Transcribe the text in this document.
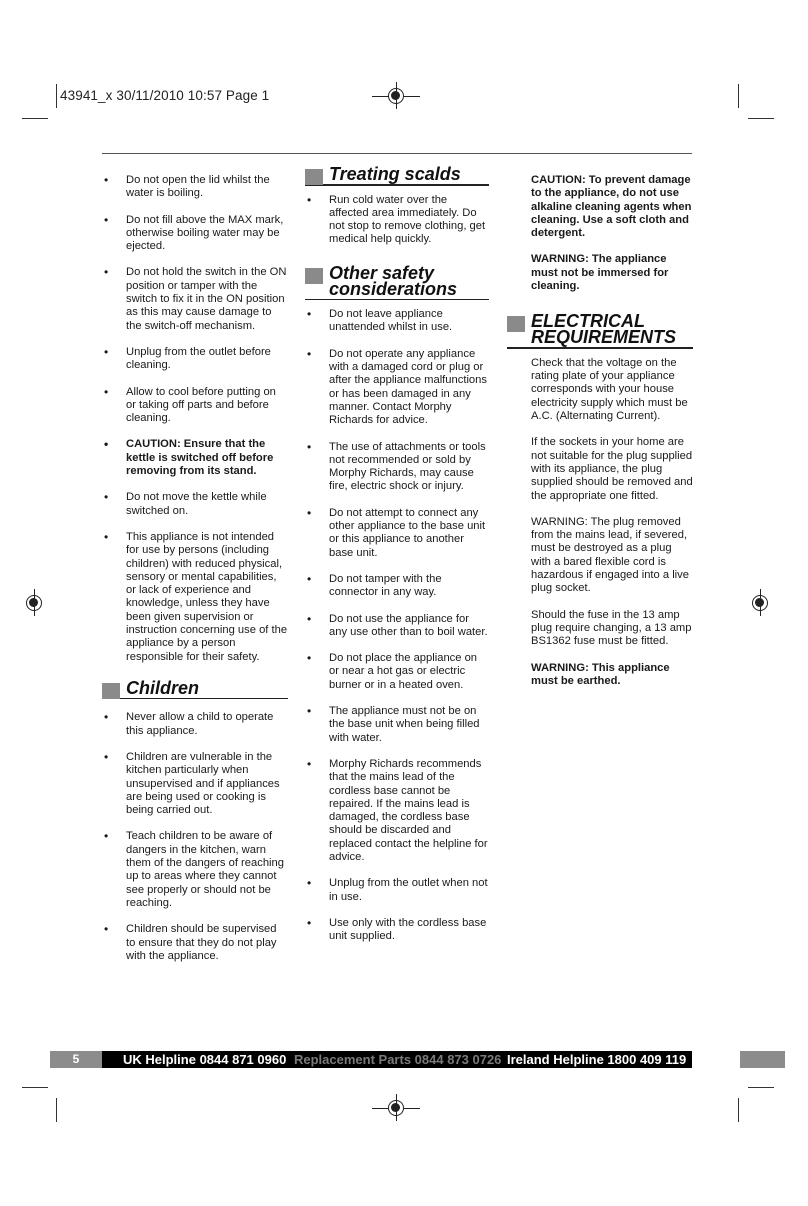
43941_x 30/11/2010 10:57 Page 1
• Do not open the lid whilst the water is boiling.
• Do not fill above the MAX mark, otherwise boiling water may be ejected.
• Do not hold the switch in the ON position or tamper with the switch to fix it in the ON position as this may cause damage to the switch-off mechanism.
• Unplug from the outlet before cleaning.
• Allow to cool before putting on or taking off parts and before cleaning.
• CAUTION: Ensure that the kettle is switched off before removing from its stand.
• Do not move the kettle while switched on.
• This appliance is not intended for use by persons (including children) with reduced physical, sensory or mental capabilities, or lack of experience and knowledge, unless they have been given supervision or instruction concerning use of the appliance by a person responsible for their safety.
Children
• Never allow a child to operate this appliance.
• Children are vulnerable in the kitchen particularly when unsupervised and if appliances are being used or cooking is being carried out.
• Teach children to be aware of dangers in the kitchen, warn them of the dangers of reaching up to areas where they cannot see properly or should not be reaching.
• Children should be supervised to ensure that they do not play with the appliance.
Treating scalds
• Run cold water over the affected area immediately. Do not stop to remove clothing, get medical help quickly.
Other safety
considerations
• Do not leave appliance unattended whilst in use.
• Do not operate any appliance with a damaged cord or plug or after the appliance malfunctions or has been damaged in any manner. Contact Morphy Richards for advice.
• The use of attachments or tools not recommended or sold by Morphy Richards, may cause fire, electric shock or injury.
• Do not attempt to connect any other appliance to the base unit or this appliance to another base unit.
• Do not tamper with the connector in any way.
• Do not use the appliance for any use other than to boil water.
• Do not place the appliance on or near a hot gas or electric burner or in a heated oven.
• The appliance must not be on the base unit when being filled with water.
• Morphy Richards recommends that the mains lead of the cordless base cannot be repaired. If the mains lead is damaged, the cordless base should be discarded and replaced contact the helpline for advice.
• Unplug from the outlet when not in use.
• Use only with the cordless base unit supplied.

CAUTION: To prevent damage to the appliance, do not use alkaline cleaning agents when cleaning. Use a soft cloth and detergent.

WARNING: The appliance must not be immersed for cleaning.

ELECTRICAL
REQUIREMENTS

Check that the voltage on the rating plate of your appliance corresponds with your house electricity supply which must be A.C. (Alternating Current).

If the sockets in your home are not suitable for the plug supplied with its appliance, the plug supplied should be removed and the appropriate one fitted.

WARNING: The plug removed from the mains lead, if severed, must be destroyed as a plug with a bared flexible cord is hazardous if engaged into a live plug socket.

Should the fuse in the 13 amp plug require changing, a 13 amp BS1362 fuse must be fitted.

WARNING: This appliance must be earthed.

5	UK Helpline 0844 871 0960 Replacement Parts 0844 873 0726 Ireland Helpline 1800 409 119
